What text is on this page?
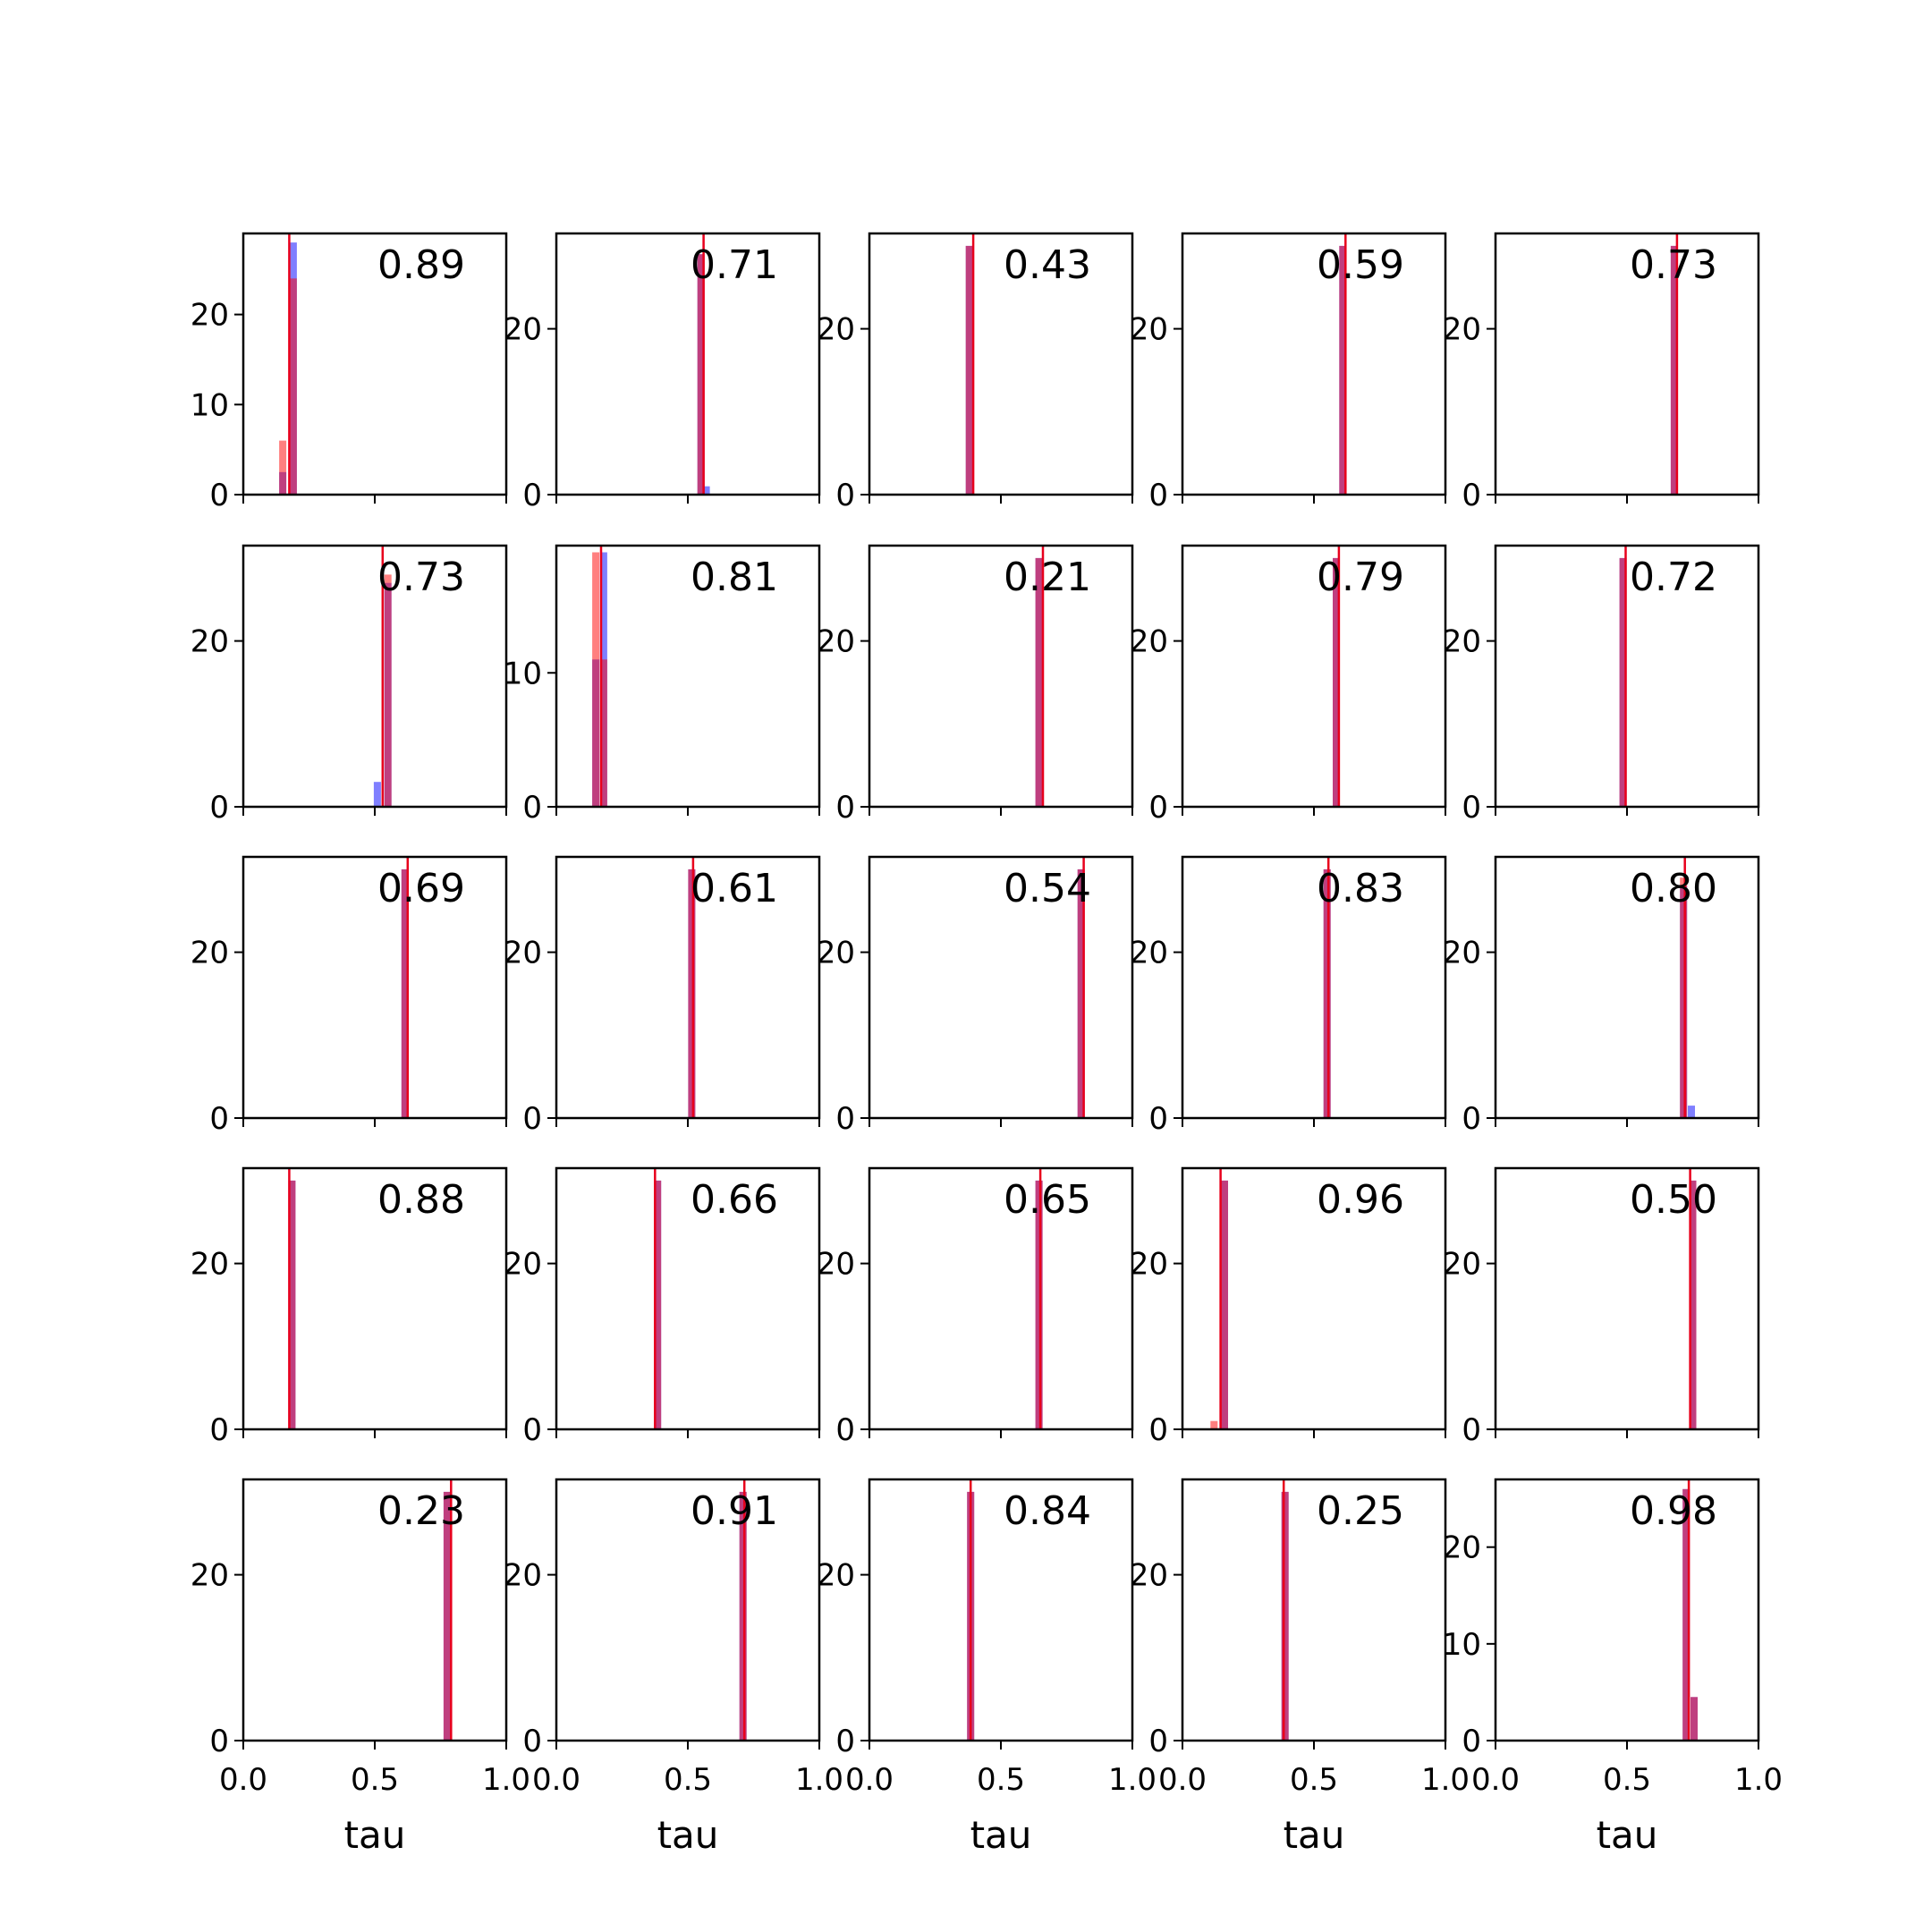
0
10
20
0.89
0
20
0.71
0
20
0.43
0
20
0.59
0
20
0.73
0
20
0.73
0
10
0.81
0
20
0.21
0
20
0.79
0
20
0.72
0
20
0.69
0
20
0.61
0
20
0.54
0
20
0.83
0
20
0.80
0
20
0.88
0
20
0.66
0
20
0.65
0
20
0.96
0
20
0.50
0.0	0.5	1.0
0
20
0.23
tau
0.0	0.5	1.0
0
20
0.91
tau
0.0	0.5	1.0
0
20
0.84
tau
0.0	0.5	1.0
0
20
0.25
tau
0.0	0.5	1.0
0
10
20
0.98
tau
